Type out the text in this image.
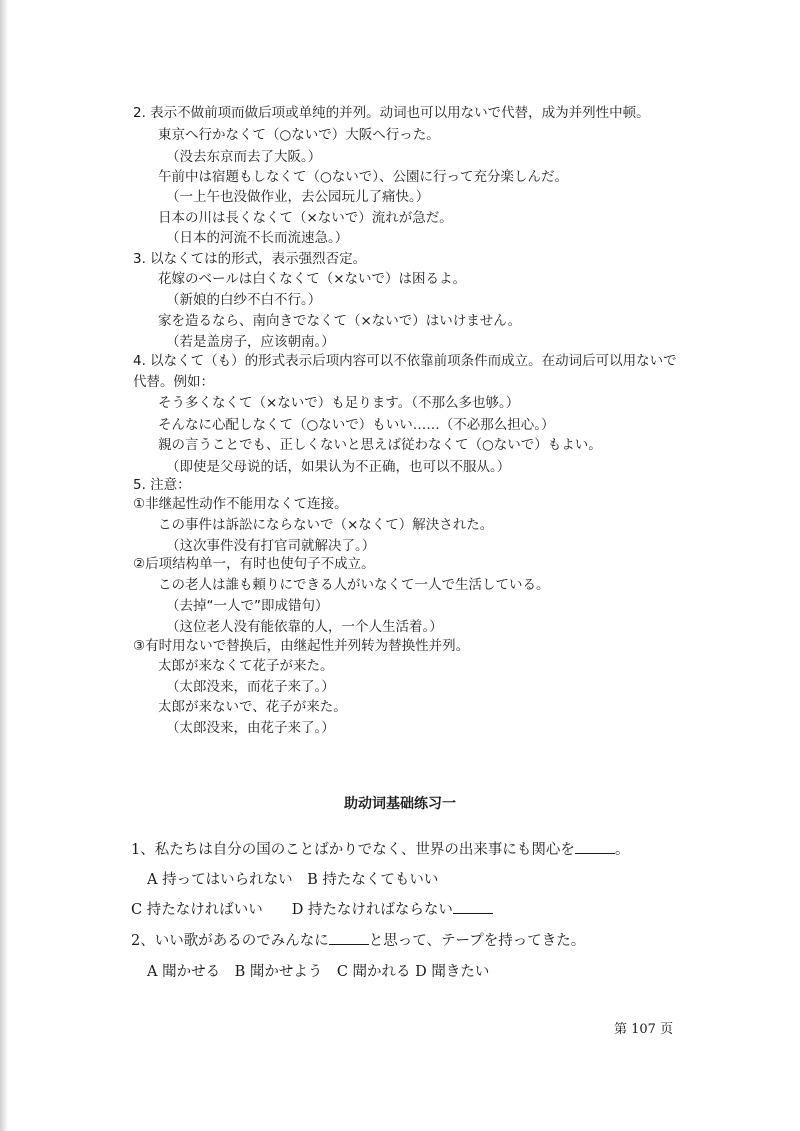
2. 表示不做前项而做后项或单纯的并列。动词也可以用ないで代替，成为并列性中顿。
東京へ行かなくて（○ないで）大阪へ行った。
（没去东京而去了大阪。）
午前中は宿題もしなくて（○ないで）、公園に行って充分楽しんだ。
（一上午也没做作业，去公园玩儿了痛快。）
日本の川は長くなくて（×ないで）流れが急だ。
（日本的河流不长而流速急。）
3. 以なくては的形式，表示强烈否定。
花嫁のベールは白くなくて（×ないで）は困るよ。
（新娘的白纱不白不行。）
家を造るなら、南向きでなくて（×ないで）はいけません。
（若是盖房子，应该朝南。）
4. 以なくて（も）的形式表示后项内容可以不依靠前项条件而成立。在动词后可以用ないで
代替。例如：
そう多くなくて（×ないで）も足ります。（不那么多也够。）
そんなに心配しなくて（○ないで）もいい……（不必那么担心。）
親の言うことでも、正しくないと思えば従わなくて（○ないで）もよい。
（即使是父母说的话，如果认为不正确，也可以不服从。）
5. 注意：
①非继起性动作不能用なくて连接。
この事件は訴訟にならないで（×なくて）解決された。
（这次事件没有打官司就解决了。）
②后项结构单一，有时也使句子不成立。
この老人は誰も頼りにできる人がいなくて一人で生活している。
（去掉“一人で”即成错句）
（这位老人没有能依靠的人，一个人生活着。）
③有时用ないで替换后，由继起性并列转为替换性并列。
太郎が来なくて花子が来た。
（太郎没来，而花子来了。）
太郎が来ないで、花子が来た。
（太郎没来，由花子来了。）
助动词基础练习一
1、私たちは自分の国のことばかりでなく、世界の出来事にも関心を	。
A 持ってはいられない　B 持たなくてもいい
C 持たなければいい　　D 持たなければならない
2、いい歌があるのでみんなに	と思って、テープを持ってきた。
A 聞かせる　B 聞かせよう　C 聞かれる D 聞きたい
第 107 页
